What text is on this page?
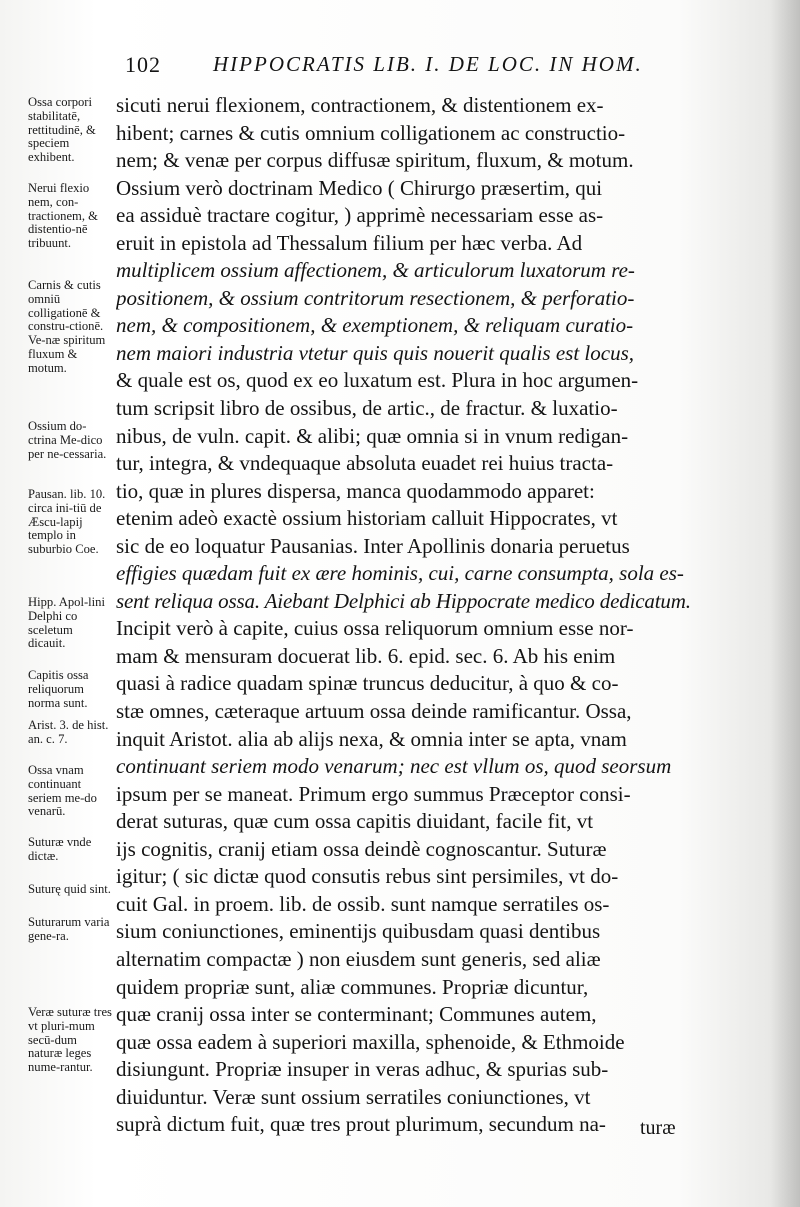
102 HIPPOCRATIS LIB. I. DE LOC. IN HOM.
Ossa corpori stabilitatē, rettitudinē, & speciem exhibent.
Nerui flexio nem, con-tractionem, & distentio-nē tribuunt.
Carnis & cutis omniū colligationē & constru-ctionē. Ve-næ spiritum fluxum & motum.
Ossium do-ctrina Me-dico per ne-cessaria.
Pausan. lib. 10. circa ini-tiū de Æscu-lapij templo in suburbio Coe.
Hipp. Apol-lini Delphi co sceletum dicauit.
Capitis ossa reliquorum norma sunt.
Arist. 3. de hist. an. c. 7.
Ossa vnam continuant seriem me-do venarū.
Suturæ vnde dictæ.
Suturę quid sint.
Suturarum varia gene-ra.
Veræ suturæ tres vt pluri-mum secū-dum naturæ leges nume-rantur.
sicuti nerui flexionem, contractionem, & distentionem ex-
hibent; carnes & cutis omnium colligationem ac constructio-
nem; & venæ per corpus diffusæ spiritum, fluxum, & motum.
Ossium verò doctrinam Medico ( Chirurgo præsertim, qui
ea assiduè tractare cogitur, ) apprimè necessariam esse as-
eruit in epistola ad Thessalum filium per hæc verba. Ad
multiplicem ossium affectionem, & articulorum luxatorum re-
positionem, & ossium contritorum resectionem, & perforatio-
nem, & compositionem, & exemptionem, & reliquam curatio-
nem maiori industria vtetur quis quis nouerit qualis est locus,
& quale est os, quod ex eo luxatum est. Plura in hoc argumen-
tum scripsit libro de ossibus, de artic., de fractur. & luxatio-
nibus, de vuln. capit. & alibi; quæ omnia si in vnum redigan-
tur, integra, & vndequaque absoluta euadet rei huius tracta-
tio, quæ in plures dispersa, manca quodammodo apparet:
etenim adeò exactè ossium historiam calluit Hippocrates, vt
sic de eo loquatur Pausanias. Inter Apollinis donaria peruetus
effigies quædam fuit ex ære hominis, cui, carne consumpta, sola es-
sent reliqua ossa. Aiebant Delphici ab Hippocrate medico dedicatum.
Incipit verò à capite, cuius ossa reliquorum omnium esse nor-
mam & mensuram docuerat lib. 6. epid. sec. 6. Ab his enim
quasi à radice quadam spinæ truncus deducitur, à quo & co-
stæ omnes, cæteraque artuum ossa deinde ramificantur. Ossa,
inquit Aristot. alia ab alijs nexa, & omnia inter se apta, vnam
continuant seriem modo venarum; nec est vllum os, quod seorsum
ipsum per se maneat. Primum ergo summus Præceptor consi-
derat suturas, quæ cum ossa capitis diuidant, facile fit, vt
ijs cognitis, cranij etiam ossa deindè cognoscantur. Suturæ
igitur; ( sic dictæ quod consutis rebus sint persimiles, vt do-
cuit Gal. in proem. lib. de ossib. sunt namque serratiles os-
sium coniunctiones, eminentijs quibusdam quasi dentibus
alternatim compactæ ) non eiusdem sunt generis, sed aliæ
quidem propriæ sunt, aliæ communes. Propriæ dicuntur,
quæ cranij ossa inter se conterminant; Communes autem,
quæ ossa eadem à superiori maxilla, sphenoide, & Ethmoide
disiungunt. Propriæ insuper in veras adhuc, & spurias sub-
diuiduntur. Veræ sunt ossium serratiles coniunctiones, vt
suprà dictum fuit, quæ tres prout plurimum, secundum na-	turæ
